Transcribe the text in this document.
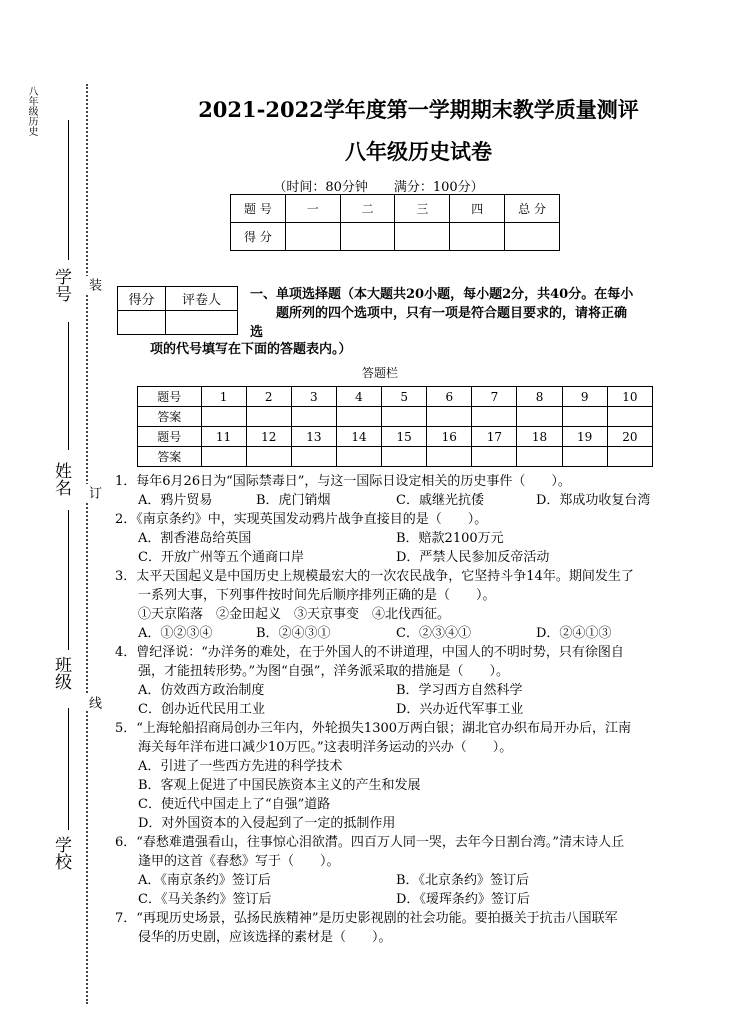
八年级历史
学号
姓名
班级
学校
装
订
线
2021-2022学年度第一学期期末教学质量测评
八年级历史试卷
（时间：80分钟　　满分：100分）
题 号	一	二	三	四	总 分
得 分					
得分	评卷人
	一、单项选择题（本大题共20小题，每小题2分，共40分。在每小
题所列的四个选项中，只有一项是符合题目要求的，请将正确
选
项的代号填写在下面的答题表内。）
答题栏
题号	1	2	3	4	5	6	7	8	9	10
答案										
题号	11	12	13	14	15	16	17	18	19	20
答案										
1．每年6月26日为“国际禁毒日”，与这一国际日设定相关的历史事件（　　）。
A．鸦片贸易	B．虎门销烟	C．戚继光抗倭	D．郑成功收复台湾
2．《南京条约》中，实现英国发动鸦片战争直接目的是（　　）。
A．割香港岛给英国	B．赔款2100万元
C．开放广州等五个通商口岸	D．严禁人民参加反帝活动
3．太平天国起义是中国历史上规模最宏大的一次农民战争，它坚持斗争14年。期间发生了
一系列大事，下列事件按时间先后顺序排列正确的是（　　）。
①天京陷落　②金田起义　③天京事变　④北伐西征。
A．①②③④	B．②④③①	C．②③④①	D．②④①③
4．曾纪泽说：“办洋务的难处，在于外国人的不讲道理，中国人的不明时势，只有徐图自
强，才能扭转形势。”为图“自强”，洋务派采取的措施是（　　）。
A．仿效西方政治制度	B．学习西方自然科学
C．创办近代民用工业	D．兴办近代军事工业
5．“上海轮船招商局创办三年内，外轮损失1300万两白银；湖北官办织布局开办后，江南
海关每年洋布进口减少10万匹。”这表明洋务运动的兴办（　　）。
A．引进了一些西方先进的科学技术
B．客观上促进了中国民族资本主义的产生和发展
C．使近代中国走上了“自强”道路
D．对外国资本的入侵起到了一定的抵制作用
6．“春愁难遣强看山，往事惊心泪欲潸。四百万人同一哭，去年今日割台湾。”清末诗人丘
逢甲的这首《春愁》写于（　　）。
A．《南京条约》签订后	B．《北京条约》签订后
C．《马关条约》签订后	D．《瑷珲条约》签订后
7．“再现历史场景，弘扬民族精神”是历史影视剧的社会功能。要拍摄关于抗击八国联军
侵华的历史剧，应该选择的素材是（　　）。
